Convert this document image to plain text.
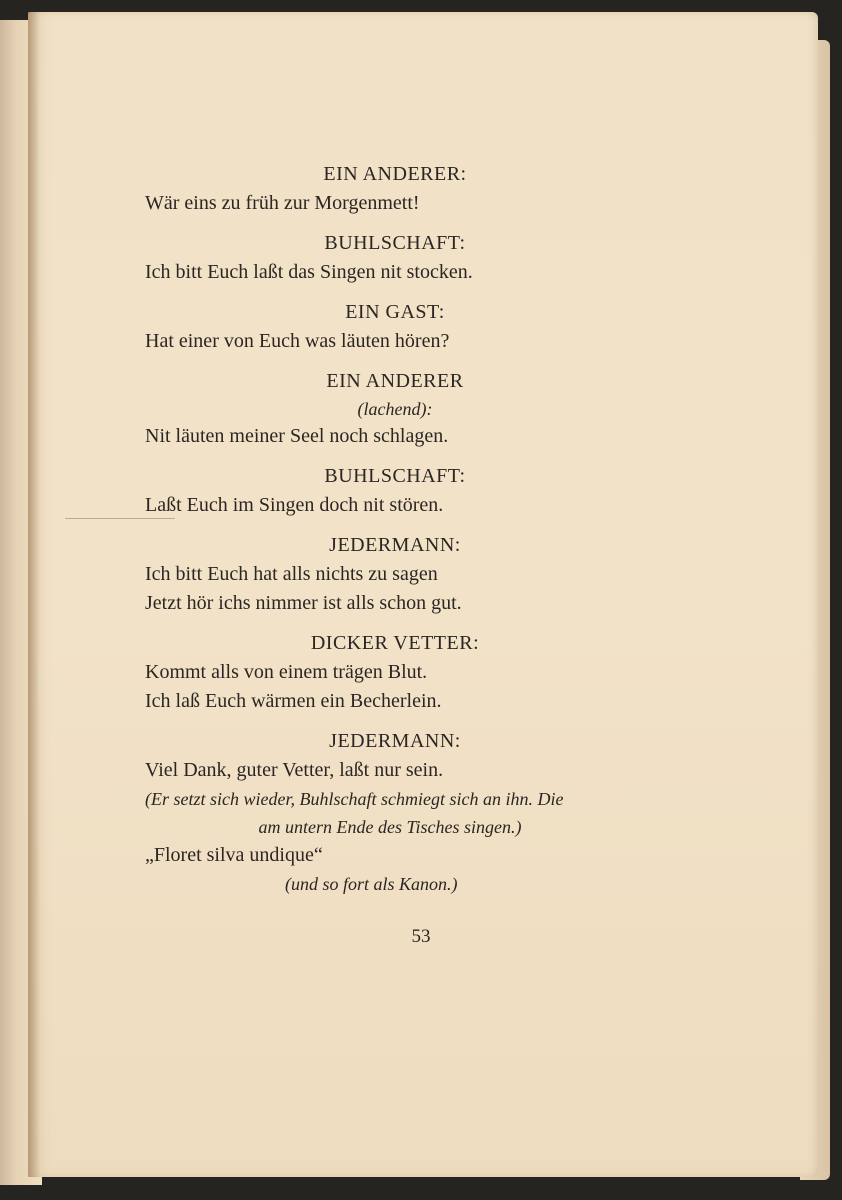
EIN ANDERER:
Wär eins zu früh zur Morgenmett!
BUHLSCHAFT:
Ich bitt Euch laßt das Singen nit stocken.
EIN GAST:
Hat einer von Euch was läuten hören?
EIN ANDERER
(lachend):
Nit läuten meiner Seel noch schlagen.
BUHLSCHAFT:
Laßt Euch im Singen doch nit stören.
JEDERMANN:
Ich bitt Euch hat alls nichts zu sagen
Jetzt hör ichs nimmer ist alls schon gut.
DICKER VETTER:
Kommt alls von einem trägen Blut.
Ich laß Euch wärmen ein Becherlein.
JEDERMANN:
Viel Dank, guter Vetter, laßt nur sein.
(Er setzt sich wieder, Buhlschaft schmiegt sich an ihn. Die
am untern Ende des Tisches singen.)
„Floret silva undique“
(und so fort als Kanon.)
53
